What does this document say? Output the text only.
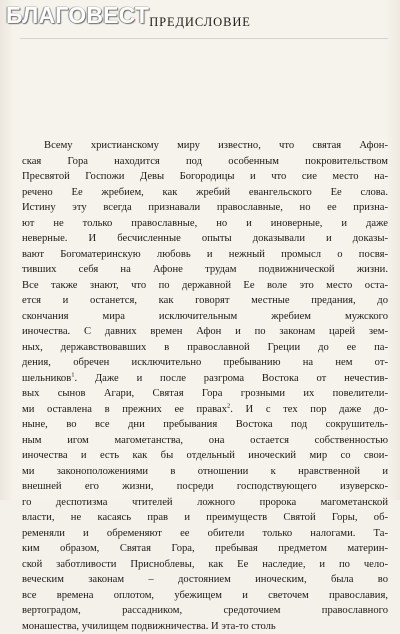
БЛАГОВЕСТ ПРЕДИСЛОВИЕ
Всему христианскому миру известно, что святая Афон-
ская Гора находится под особенным покровительством
Пресвятой Госпожи Девы Богородицы и что сие место на-
речено Ее жребием, как жребий евангельского Ее слова.
Истину эту всегда признавали православные, но ее призна-
ют не только православные, но и иноверные, и даже
неверные. И бесчисленные опыты доказывали и доказы-
вают Богоматеринскую любовь и нежный промысл о посвя-
тивших себя на Афоне трудам подвижнической жизни.
Все также знают, что по державной Ее воле это место оста-
ется и останется, как говорят местные предания, до
скончания мира исключительным жребием мужского
иночества. С давних времен Афон и по законам царей зем-
ных, державствовавших в православной Греции до ее па-
дения, обречен исключительно пребыванию на нем от-
шельников$^1$. Даже и после разгрома Востока от нечестив-
вых сынов Агари, Святая Гора грозными их повелители-
ми оставлена в прежних ее правах$^2$. И с тех пор даже до-
ныне, во все дни пребывания Востока под сокрушитель-
ным игом магометанства, она остается собственностью
иночества и есть как бы отдельный иноческий мир со свои-
ми законоположениями в отношении к нравственной и
внешней его жизни, посреди господствующего изуверско-
го деспотизма чтителей ложного пророка магометанской
власти, не касаясь прав и преимуществ Святой Горы, об-
ременяли и обременяют ее обители только налогами. Та-
ким образом, Святая Гора, пребывая предметом материн-
ской заботливости Присноблевы, как Ее наследие, и по чело-
веческим законам – достоянием иноческим, была во
все времена оплотом, убежищем и светочем православия,
вертоградом, рассадником, средоточием православного
монашества, училищем подвижничества. И эта-то столь
